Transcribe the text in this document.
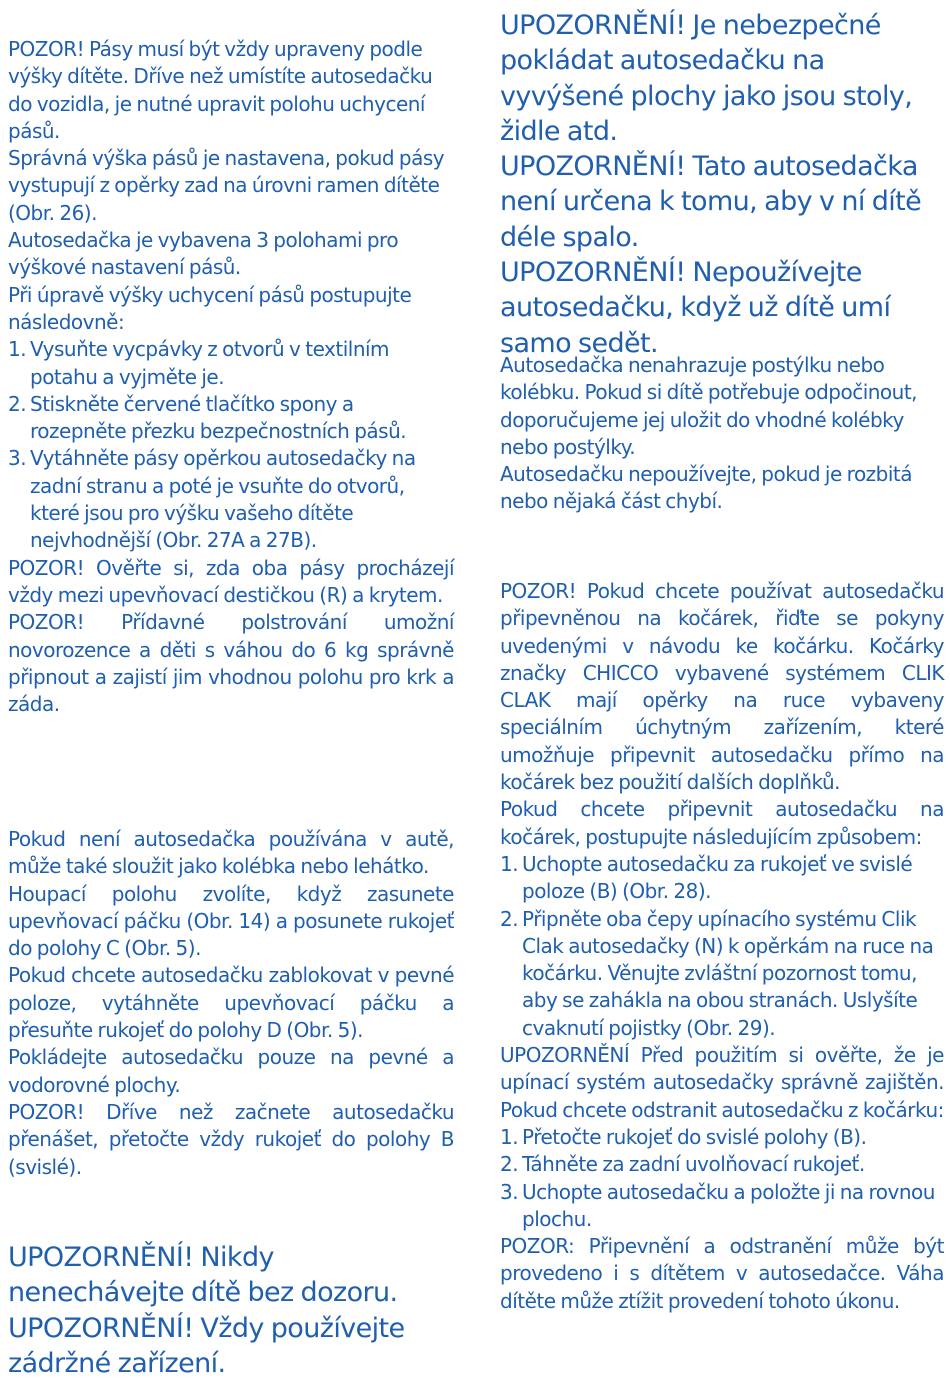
POZOR! Pásy musí být vždy upraveny podle výšky dítěte. Dříve než umístíte autosedačku do vozidla, je nutné upravit polohu uchycení pásů.

Správná výška pásů je nastavena, pokud pásy vystupují z opěrky zad na úrovni ramen dítěte (Obr. 26).

Autosedačka je vybavena 3 polohami pro výškové nastavení pásů.

Při úpravě výšky uchycení pásů postupujte následovně:

1. Vysuňte vycpávky z otvorů v textilním potahu a vyjměte je.
2. Stiskněte červené tlačítko spony a rozepněte přezku bezpečnostních pásů.
3. Vytáhněte pásy opěrkou autosedačky na zadní stranu a poté je vsuňte do otvorů, které jsou pro výšku vašeho dítěte nejvhodnější (Obr. 27A a 27B).

POZOR! Ověřte si, zda oba pásy procházejí vždy mezi upevňovací destičkou (R) a krytem.

POZOR! Přídavné polstrování umožní novorozence a děti s váhou do 6 kg správně připnout a zajistí jim vhodnou polohu pro krk a záda.

Pokud není autosedačka používána v autě, může také sloužit jako kolébka nebo lehátko.

Houpací polohu zvolíte, když zasunete upevňovací páčku (Obr. 14) a posunete rukojeť do polohy C (Obr. 5).

Pokud chcete autosedačku zablokovat v pevné poloze, vytáhněte upevňovací páčku a přesuňte rukojeť do polohy D (Obr. 5).

Pokládejte autosedačku pouze na pevné a vodorovné plochy.

POZOR! Dříve než začnete autosedačku přenášet, přetočte vždy rukojeť do polohy B (svislé).

UPOZORNĚNÍ! Nikdy nenechávejte dítě bez dozoru.

UPOZORNĚNÍ! Vždy používejte zádržné zařízení.

UPOZORNĚNÍ! Je nebezpečné pokládat autosedačku na vyvýšené plochy jako jsou stoly, židle atd.

UPOZORNĚNÍ! Tato autosedačka není určena k tomu, aby v ní dítě déle spalo.

UPOZORNĚNÍ! Nepoužívejte autosedačku, když už dítě umí samo sedět.

Autosedačka nenahrazuje postýlku nebo kolébku. Pokud si dítě potřebuje odpočinout, doporučujeme jej uložit do vhodné kolébky nebo postýlky.

Autosedačku nepoužívejte, pokud je rozbitá nebo nějaká část chybí.

POZOR! Pokud chcete používat autosedačku připevněnou na kočárek, řiďte se pokyny uvedenými v návodu ke kočárku. Kočárky značky CHICCO vybavené systémem CLIK CLAK mají opěrky na ruce vybaveny speciálním úchytným zařízením, které umožňuje připevnit autosedačku přímo na kočárek bez použití dalších doplňků.

Pokud chcete připevnit autosedačku na kočárek, postupujte následujícím způsobem:

1. Uchopte autosedačku za rukojeť ve svislé poloze (B) (Obr. 28).
2. Připněte oba čepy upínacího systému Clik Clak autosedačky (N) k opěrkám na ruce na kočárku. Věnujte zvláštní pozornost tomu, aby se zahákla na obou stranách. Uslyšíte cvaknutí pojistky (Obr. 29).

UPOZORNĚNÍ Před použitím si ověřte, že je upínací systém autosedačky správně zajištěn. Pokud chcete odstranit autosedačku z kočárku:

1. Přetočte rukojeť do svislé polohy (B).
2. Táhněte za zadní uvolňovací rukojeť.
3. Uchopte autosedačku a položte ji na rovnou plochu.

POZOR: Připevnění a odstranění může být provedeno i s dítětem v autosedačce. Váha dítěte může ztížit provedení tohoto úkonu.
